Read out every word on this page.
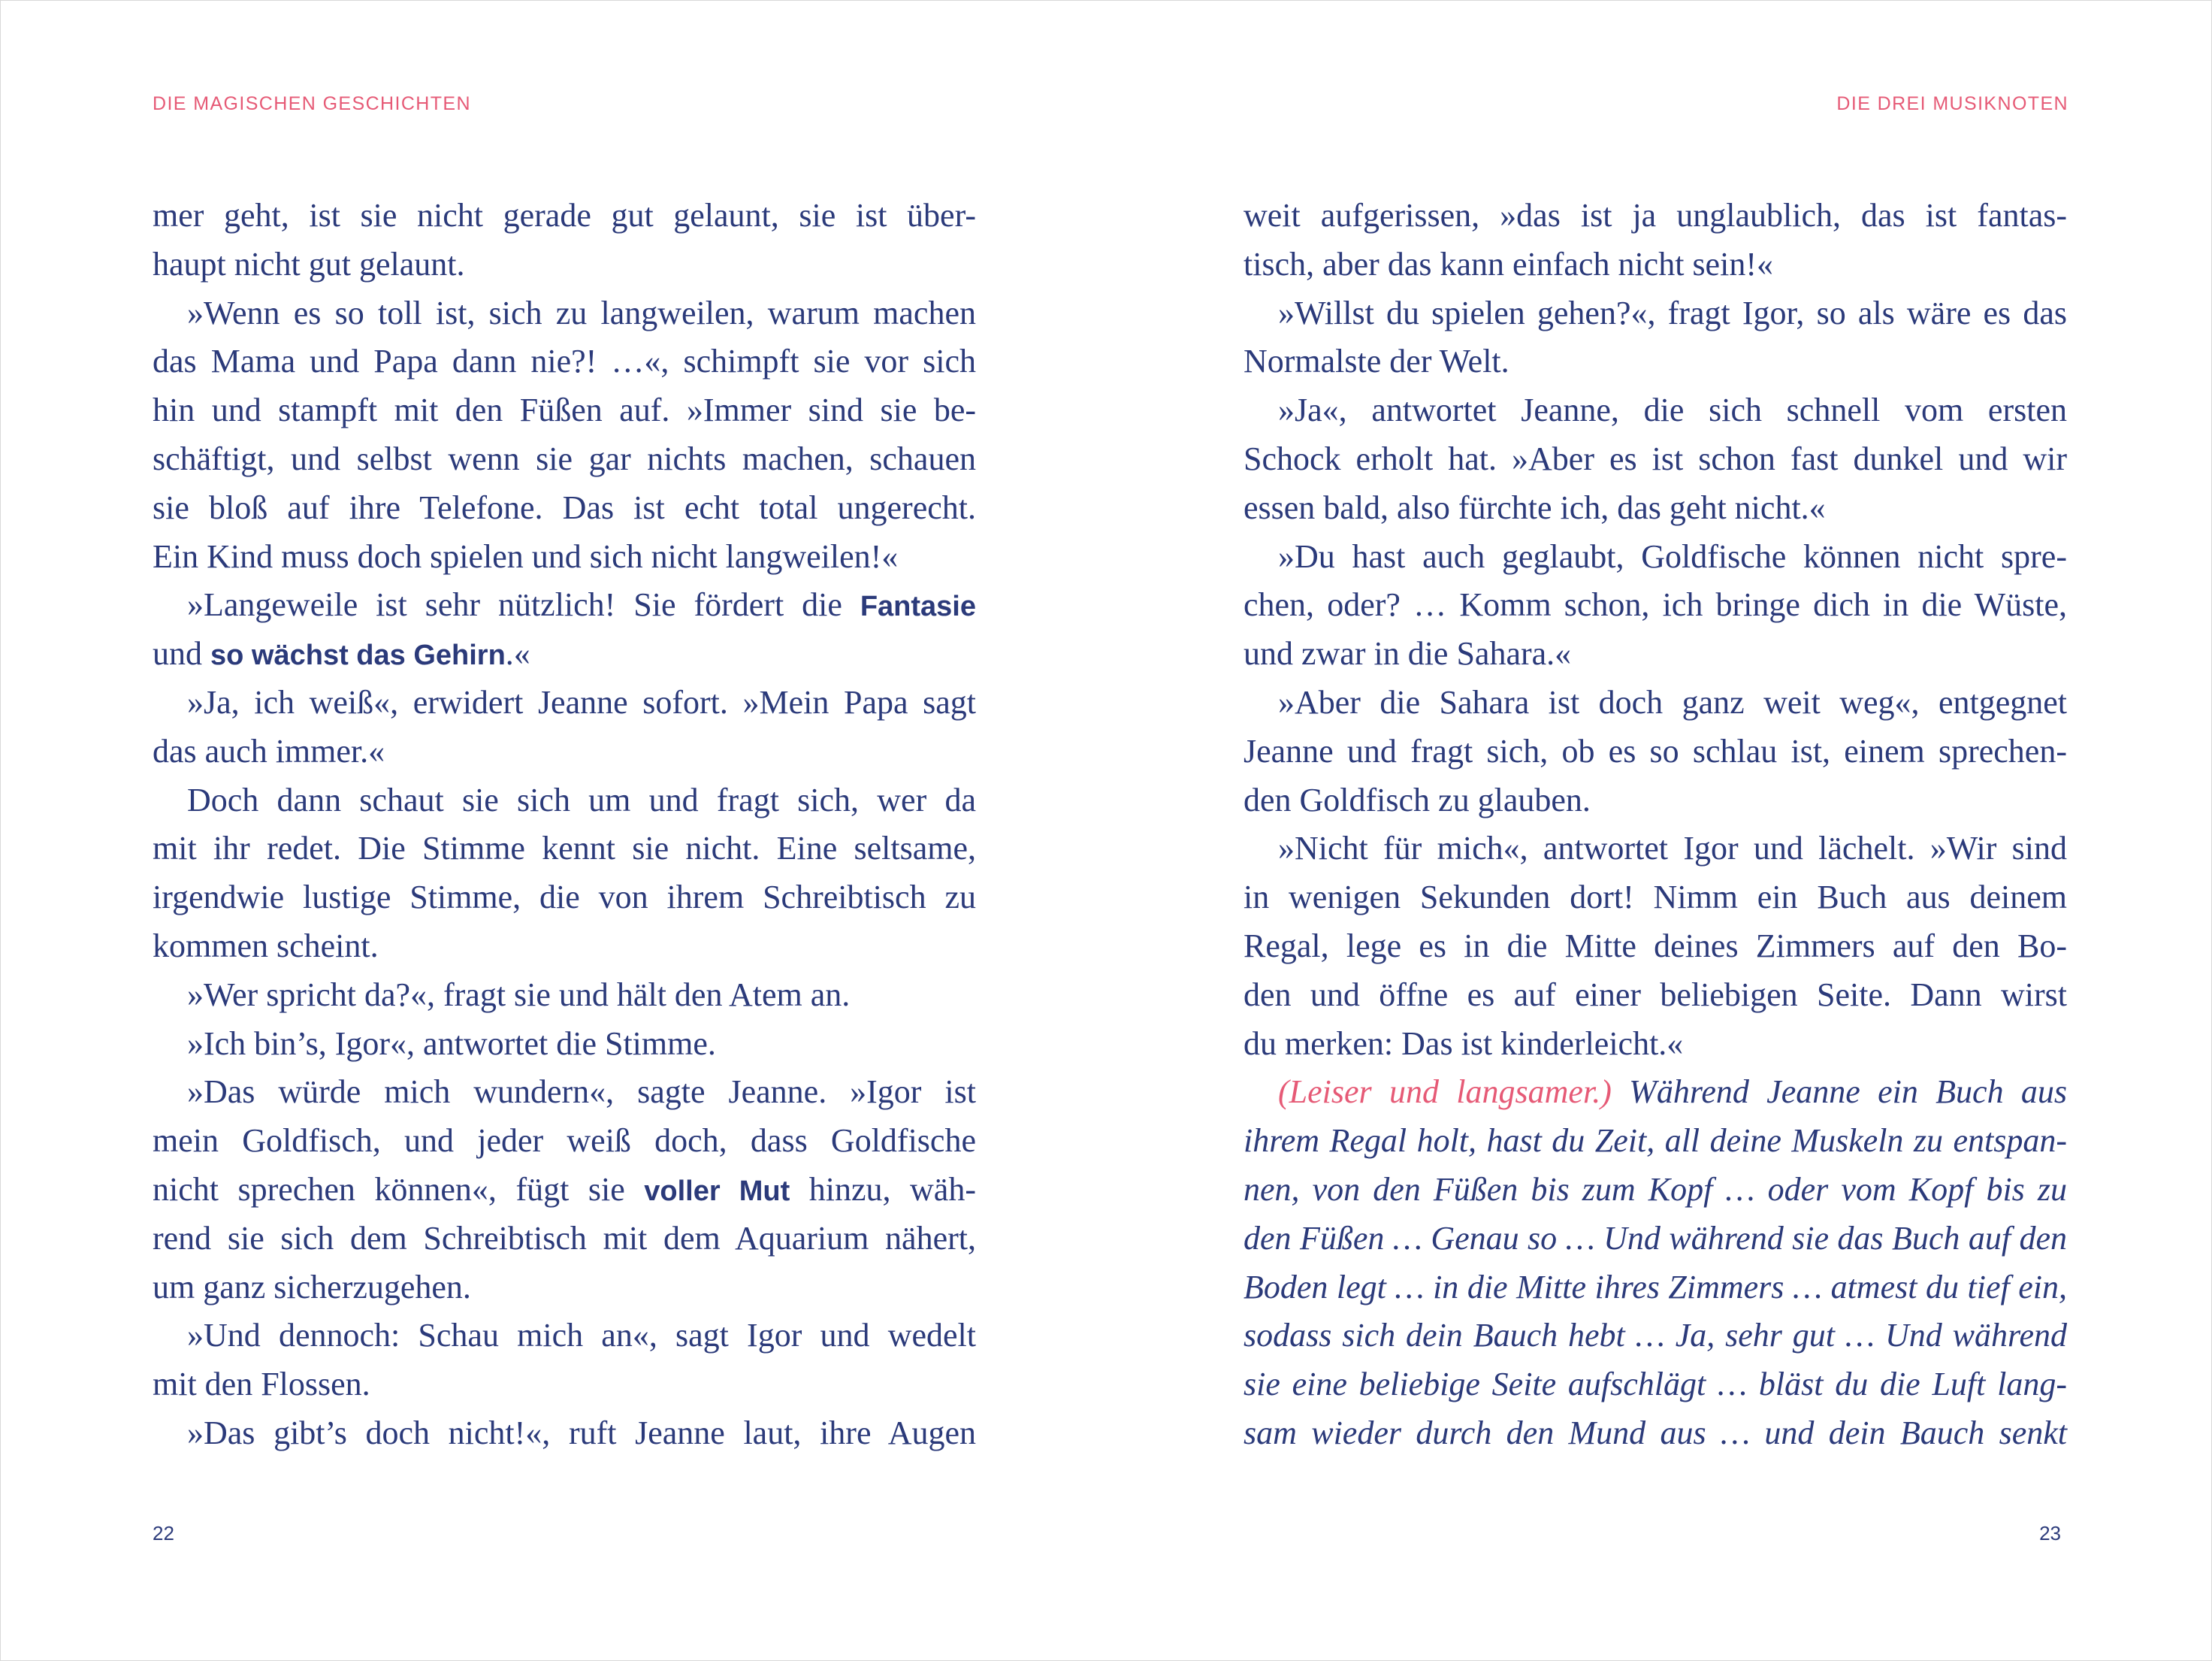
DIE MAGISCHEN GESCHICHTEN
mer geht, ist sie nicht gerade gut gelaunt, sie ist über-
haupt nicht gut gelaunt.
»Wenn es so toll ist, sich zu langweilen, warum machen
das Mama und Papa dann nie?! …«, schimpft sie vor sich
hin und stampft mit den Füßen auf. »Immer sind sie be-
schäftigt, und selbst wenn sie gar nichts machen, schauen
sie bloß auf ihre Telefone. Das ist echt total ungerecht.
Ein Kind muss doch spielen und sich nicht langweilen!«
»Langeweile ist sehr nützlich! Sie fördert die Fantasie
und so wächst das Gehirn.«
»Ja, ich weiß«, erwidert Jeanne sofort. »Mein Papa sagt
das auch immer.«
Doch dann schaut sie sich um und fragt sich, wer da
mit ihr redet. Die Stimme kennt sie nicht. Eine seltsame,
irgendwie lustige Stimme, die von ihrem Schreibtisch zu
kommen scheint.
»Wer spricht da?«, fragt sie und hält den Atem an.
»Ich bin’s, Igor«, antwortet die Stimme.
»Das würde mich wundern«, sagte Jeanne. »Igor ist
mein Goldfisch, und jeder weiß doch, dass Goldfische
nicht sprechen können«, fügt sie voller Mut hinzu, wäh-
rend sie sich dem Schreibtisch mit dem Aquarium nähert,
um ganz sicherzugehen.
»Und dennoch: Schau mich an«, sagt Igor und wedelt
mit den Flossen.
»Das gibt’s doch nicht!«, ruft Jeanne laut, ihre Augen
22
DIE DREI MUSIKNOTEN
weit aufgerissen, »das ist ja unglaublich, das ist fantas-
tisch, aber das kann einfach nicht sein!«
»Willst du spielen gehen?«, fragt Igor, so als wäre es das
Normalste der Welt.
»Ja«, antwortet Jeanne, die sich schnell vom ersten
Schock erholt hat. »Aber es ist schon fast dunkel und wir
essen bald, also fürchte ich, das geht nicht.«
»Du hast auch geglaubt, Goldfische können nicht spre-
chen, oder? … Komm schon, ich bringe dich in die Wüste,
und zwar in die Sahara.«
»Aber die Sahara ist doch ganz weit weg«, entgegnet
Jeanne und fragt sich, ob es so schlau ist, einem sprechen-
den Goldfisch zu glauben.
»Nicht für mich«, antwortet Igor und lächelt. »Wir sind
in wenigen Sekunden dort! Nimm ein Buch aus deinem
Regal, lege es in die Mitte deines Zimmers auf den Bo-
den und öffne es auf einer beliebigen Seite. Dann wirst
du merken: Das ist kinderleicht.«
(Leiser und langsamer.) Während Jeanne ein Buch aus
ihrem Regal holt, hast du Zeit, all deine Muskeln zu entspan-
nen, von den Füßen bis zum Kopf … oder vom Kopf bis zu
den Füßen … Genau so … Und während sie das Buch auf den
Boden legt … in die Mitte ihres Zimmers … atmest du tief ein,
sodass sich dein Bauch hebt … Ja, sehr gut … Und während
sie eine beliebige Seite aufschlägt … bläst du die Luft lang-
sam wieder durch den Mund aus … und dein Bauch senkt
23
